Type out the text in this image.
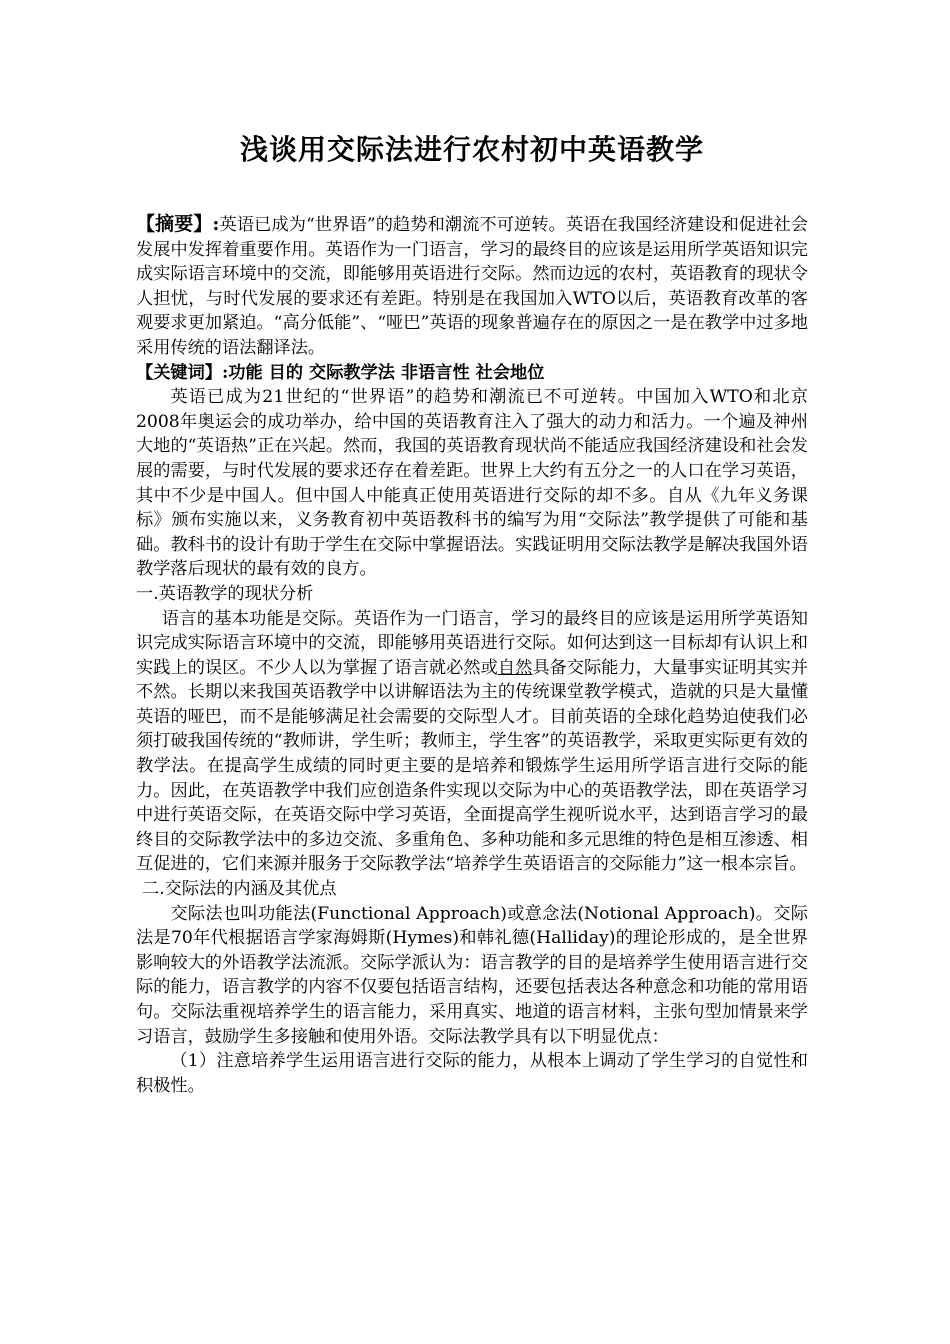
浅谈用交际法进行农村初中英语教学

【摘要】:英语已成为“世界语”的趋势和潮流不可逆转。英语在我国经济建设和促进社会发展中发挥着重要作用。英语作为一门语言，学习的最终目的应该是运用所学英语知识完成实际语言环境中的交流，即能够用英语进行交际。然而边远的农村，英语教育的现状令人担忧，与时代发展的要求还有差距。特别是在我国加入WTO以后，英语教育改革的客观要求更加紧迫。“高分低能”、“哑巴”英语的现象普遍存在的原因之一是在教学中过多地采用传统的语法翻译法。

【关键词】:功能 目的 交际教学法 非语言性 社会地位

英语已成为21世纪的“世界语”的趋势和潮流已不可逆转。中国加入WTO和北京2008年奥运会的成功举办，给中国的英语教育注入了强大的动力和活力。一个遍及神州大地的“英语热”正在兴起。然而，我国的英语教育现状尚不能适应我国经济建设和社会发展的需要，与时代发展的要求还存在着差距。世界上大约有五分之一的人口在学习英语，其中不少是中国人。但中国人中能真正使用英语进行交际的却不多。自从《九年义务课标》颁布实施以来，义务教育初中英语教科书的编写为用“交际法”教学提供了可能和基础。教科书的设计有助于学生在交际中掌握语法。实践证明用交际法教学是解决我国外语教学落后现状的最有效的良方。

一.英语教学的现状分析

语言的基本功能是交际。英语作为一门语言，学习的最终目的应该是运用所学英语知识完成实际语言环境中的交流，即能够用英语进行交际。如何达到这一目标却有认识上和实践上的误区。不少人以为掌握了语言就必然或自然具备交际能力，大量事实证明其实并不然。长期以来我国英语教学中以讲解语法为主的传统课堂教学模式，造就的只是大量懂英语的哑巴，而不是能够满足社会需要的交际型人才。目前英语的全球化趋势迫使我们必须打破我国传统的“教师讲，学生听；教师主，学生客”的英语教学，采取更实际更有效的教学法。在提高学生成绩的同时更主要的是培养和锻炼学生运用所学语言进行交际的能力。因此，在英语教学中我们应创造条件实现以交际为中心的英语教学法，即在英语学习中进行英语交际，在英语交际中学习英语，全面提高学生视听说水平，达到语言学习的最终目的交际教学法中的多边交流、多重角色、多种功能和多元思维的特色是相互渗透、相互促进的，它们来源并服务于交际教学法“培养学生英语语言的交际能力”这一根本宗旨。

二.交际法的内涵及其优点

交际法也叫功能法(Functional Approach)或意念法(Notional Approach)。交际法是70年代根据语言学家海姆斯(Hymes)和韩礼德(Halliday)的理论形成的，是全世界影响较大的外语教学法流派。交际学派认为：语言教学的目的是培养学生使用语言进行交际的能力，语言教学的内容不仅要包括语言结构，还要包括表达各种意念和功能的常用语句。交际法重视培养学生的语言能力，采用真实、地道的语言材料，主张句型加情景来学习语言，鼓励学生多接触和使用外语。交际法教学具有以下明显优点：

（1）注意培养学生运用语言进行交际的能力，从根本上调动了学生学习的自觉性和积极性。
